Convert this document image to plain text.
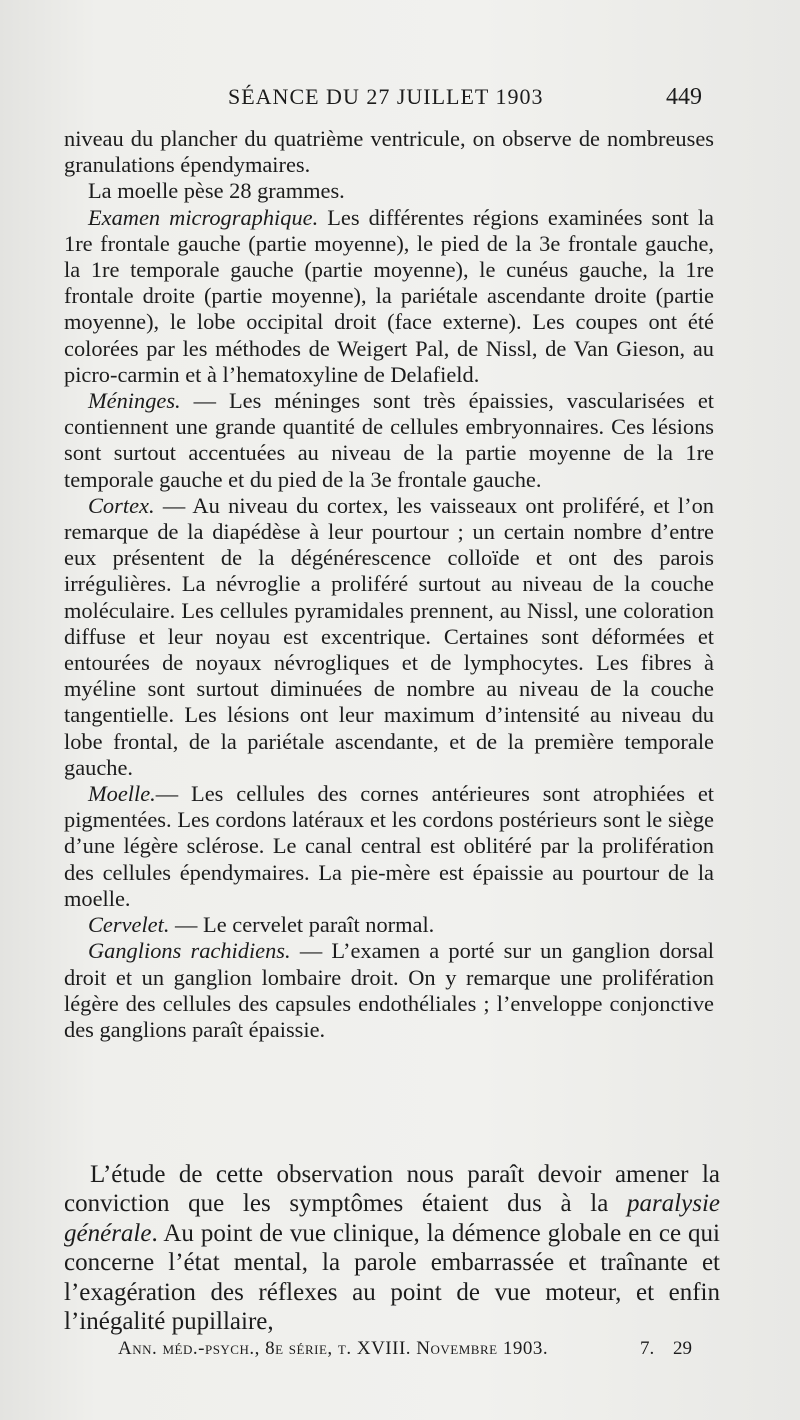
SÉANCE DU 27 JUILLET 1903	449

niveau du plancher du quatrième ventricule, on observe de nombreuses granulations épendymaires.

La moelle pèse 28 grammes.

Examen micrographique. Les différentes régions examinées sont la 1re frontale gauche (partie moyenne), le pied de la 3e frontale gauche, la 1re temporale gauche (partie moyenne), le cunéus gauche, la 1re frontale droite (partie moyenne), la pariétale ascendante droite (partie moyenne), le lobe occipital droit (face externe). Les coupes ont été colorées par les méthodes de Weigert Pal, de Nissl, de Van Gieson, au picro-carmin et à l’hematoxyline de Delafield.

Méninges. — Les méninges sont très épaissies, vascularisées et contiennent une grande quantité de cellules embryonnaires. Ces lésions sont surtout accentuées au niveau de la partie moyenne de la 1re temporale gauche et du pied de la 3e frontale gauche.

Cortex. — Au niveau du cortex, les vaisseaux ont proliféré, et l’on remarque de la diapédèse à leur pourtour ; un certain nombre d’entre eux présentent de la dégénérescence colloïde et ont des parois irrégulières. La névroglie a proliféré surtout au niveau de la couche moléculaire. Les cellules pyramidales prennent, au Nissl, une coloration diffuse et leur noyau est excentrique. Certaines sont déformées et entourées de noyaux névrogliques et de lymphocytes. Les fibres à myéline sont surtout diminuées de nombre au niveau de la couche tangentielle. Les lésions ont leur maximum d’intensité au niveau du lobe frontal, de la pariétale ascendante, et de la première temporale gauche.

Moelle.— Les cellules des cornes antérieures sont atrophiées et pigmentées. Les cordons latéraux et les cordons postérieurs sont le siège d’une légère sclérose. Le canal central est oblitéré par la prolifération des cellules épendymaires. La pie-mère est épaissie au pourtour de la moelle.

Cervelet. — Le cervelet paraît normal.

Ganglions rachidiens. — L’examen a porté sur un ganglion dorsal droit et un ganglion lombaire droit. On y remarque une prolifération légère des cellules des capsules endothéliales ; l’enveloppe conjonctive des ganglions paraît épaissie.

L’étude de cette observation nous paraît devoir amener la conviction que les symptômes étaient dus à la paralysie générale. Au point de vue clinique, la démence globale en ce qui concerne l’état mental, la parole embarrassée et traînante et l’exagération des réflexes au point de vue moteur, et enfin l’inégalité pupillaire,

Ann. méd.-psych., 8e série, t. XVIII. Novembre 1903.	7. 29
